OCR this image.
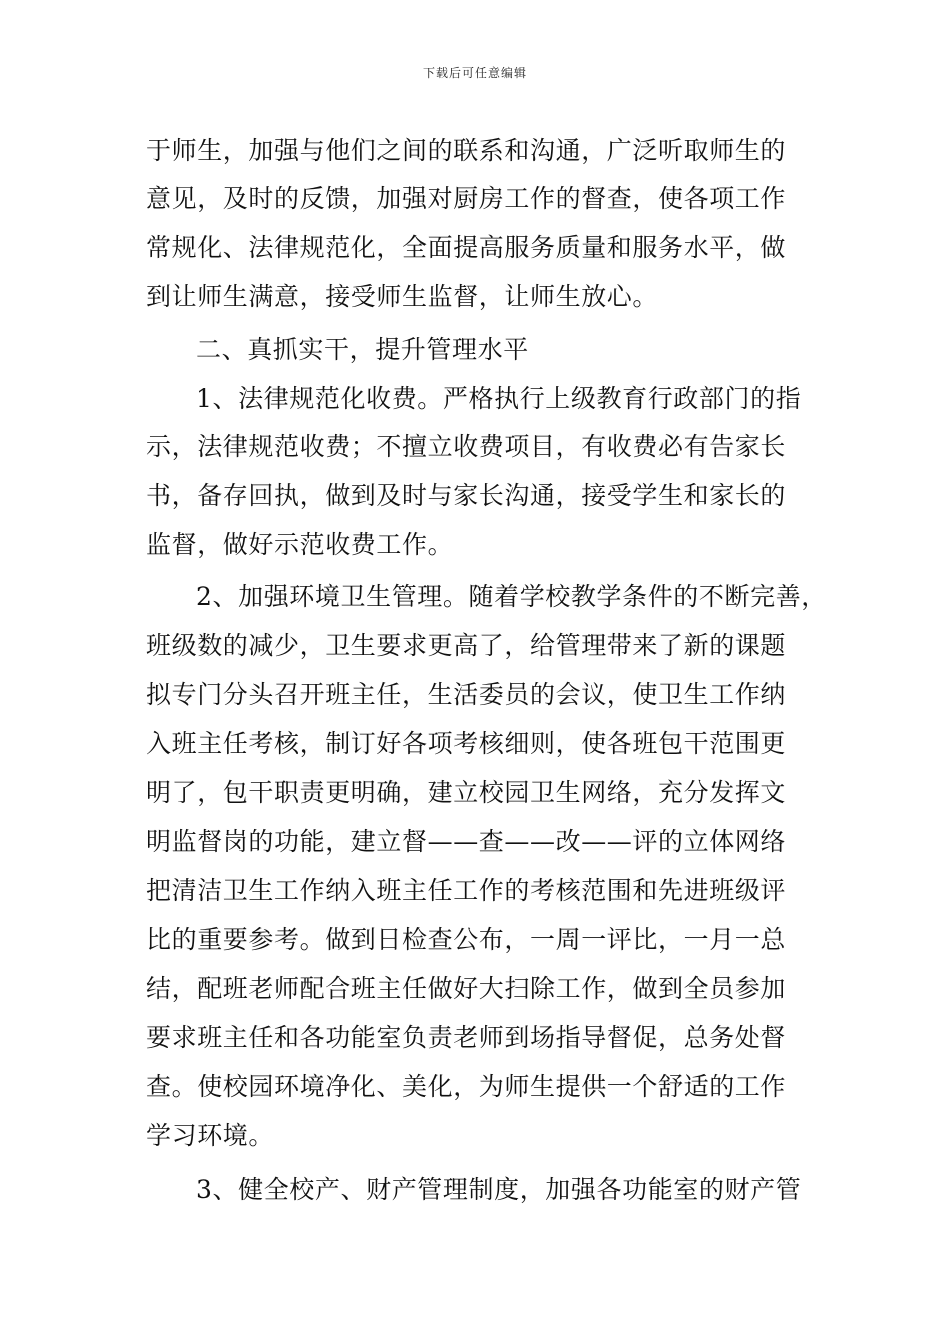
下载后可任意编辑
于师生，加强与他们之间的联系和沟通，广泛听取师生的
意见，及时的反馈，加强对厨房工作的督查，使各项工作
常规化、法律规范化，全面提高服务质量和服务水平，做
到让师生满意，接受师生监督，让师生放心。
二、真抓实干，提升管理水平
1、法律规范化收费。严格执行上级教育行政部门的指
示，法律规范收费；不擅立收费项目，有收费必有告家长
书，备存回执，做到及时与家长沟通，接受学生和家长的
监督，做好示范收费工作。
2、加强环境卫生管理。随着学校教学条件的不断完善，
班级数的减少，卫生要求更高了，给管理带来了新的课题
拟专门分头召开班主任，生活委员的会议，使卫生工作纳
入班主任考核，制订好各项考核细则，使各班包干范围更
明了，包干职责更明确，建立校园卫生网络，充分发挥文
明监督岗的功能，建立督——查——改——评的立体网络
把清洁卫生工作纳入班主任工作的考核范围和先进班级评
比的重要参考。做到日检查公布，一周一评比，一月一总
结，配班老师配合班主任做好大扫除工作，做到全员参加
要求班主任和各功能室负责老师到场指导督促，总务处督
查。使校园环境净化、美化，为师生提供一个舒适的工作
学习环境。
3、健全校产、财产管理制度，加强各功能室的财产管
